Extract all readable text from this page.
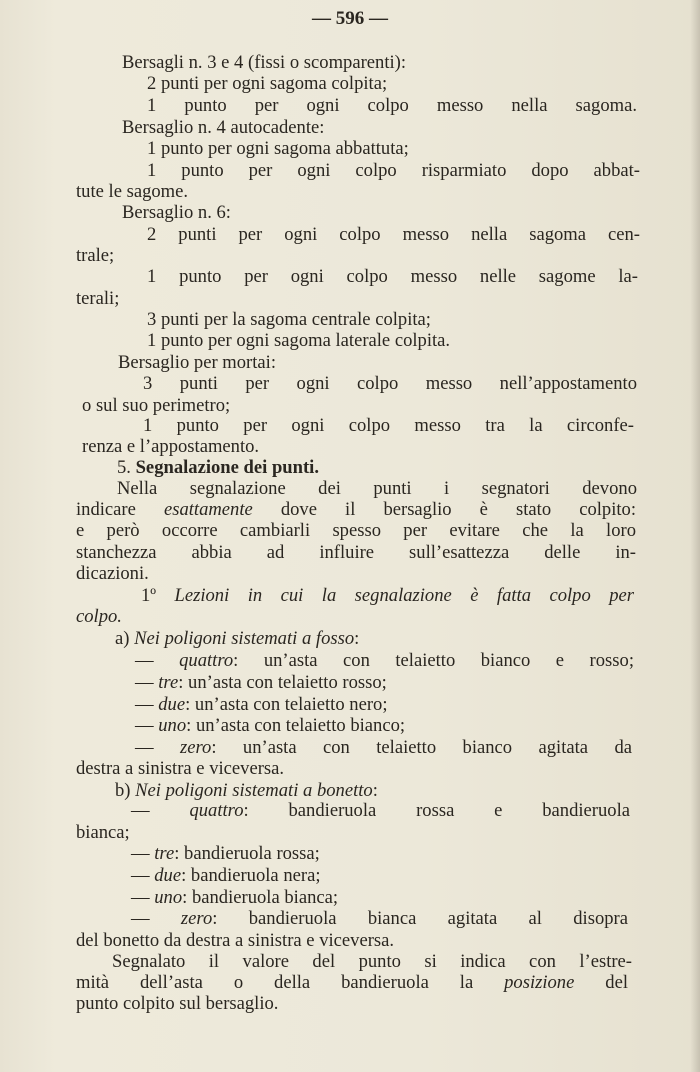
— 596 —
Bersagli n. 3 e 4 (fissi o scomparenti):
2 punti per ogni sagoma colpita;
1 punto per ogni colpo messo nella sagoma.
Bersaglio n. 4 autocadente:
1 punto per ogni sagoma abbattuta;
1 punto per ogni colpo risparmiato dopo abbat-
tute le sagome.
Bersaglio n. 6:
2 punti per ogni colpo messo nella sagoma cen-
trale;
1 punto per ogni colpo messo nelle sagome la-
terali;
3 punti per la sagoma centrale colpita;
1 punto per ogni sagoma laterale colpita.
Bersaglio per mortai:
3 punti per ogni colpo messo nell’appostamento
o sul suo perimetro;
1 punto per ogni colpo messo tra la circonfe-
renza e l’appostamento.
5. Segnalazione dei punti.
Nella segnalazione dei punti i segnatori devono
indicare esattamente dove il bersaglio è stato colpito:
e però occorre cambiarli spesso per evitare che la loro
stanchezza abbia ad influire sull’esattezza delle in-
dicazioni.
1º Lezioni in cui la segnalazione è fatta colpo per
colpo.
a) Nei poligoni sistemati a fosso:
— quattro: un’asta con telaietto bianco e rosso;
— tre: un’asta con telaietto rosso;
— due: un’asta con telaietto nero;
— uno: un’asta con telaietto bianco;
— zero: un’asta con telaietto bianco agitata da
destra a sinistra e viceversa.
b) Nei poligoni sistemati a bonetto:
— quattro: bandieruola rossa e bandieruola
bianca;
— tre: bandieruola rossa;
— due: bandieruola nera;
— uno: bandieruola bianca;
— zero: bandieruola bianca agitata al disopra
del bonetto da destra a sinistra e viceversa.
Segnalato il valore del punto si indica con l’estre-
mità dell’asta o della bandieruola la posizione del
punto colpito sul bersaglio.
